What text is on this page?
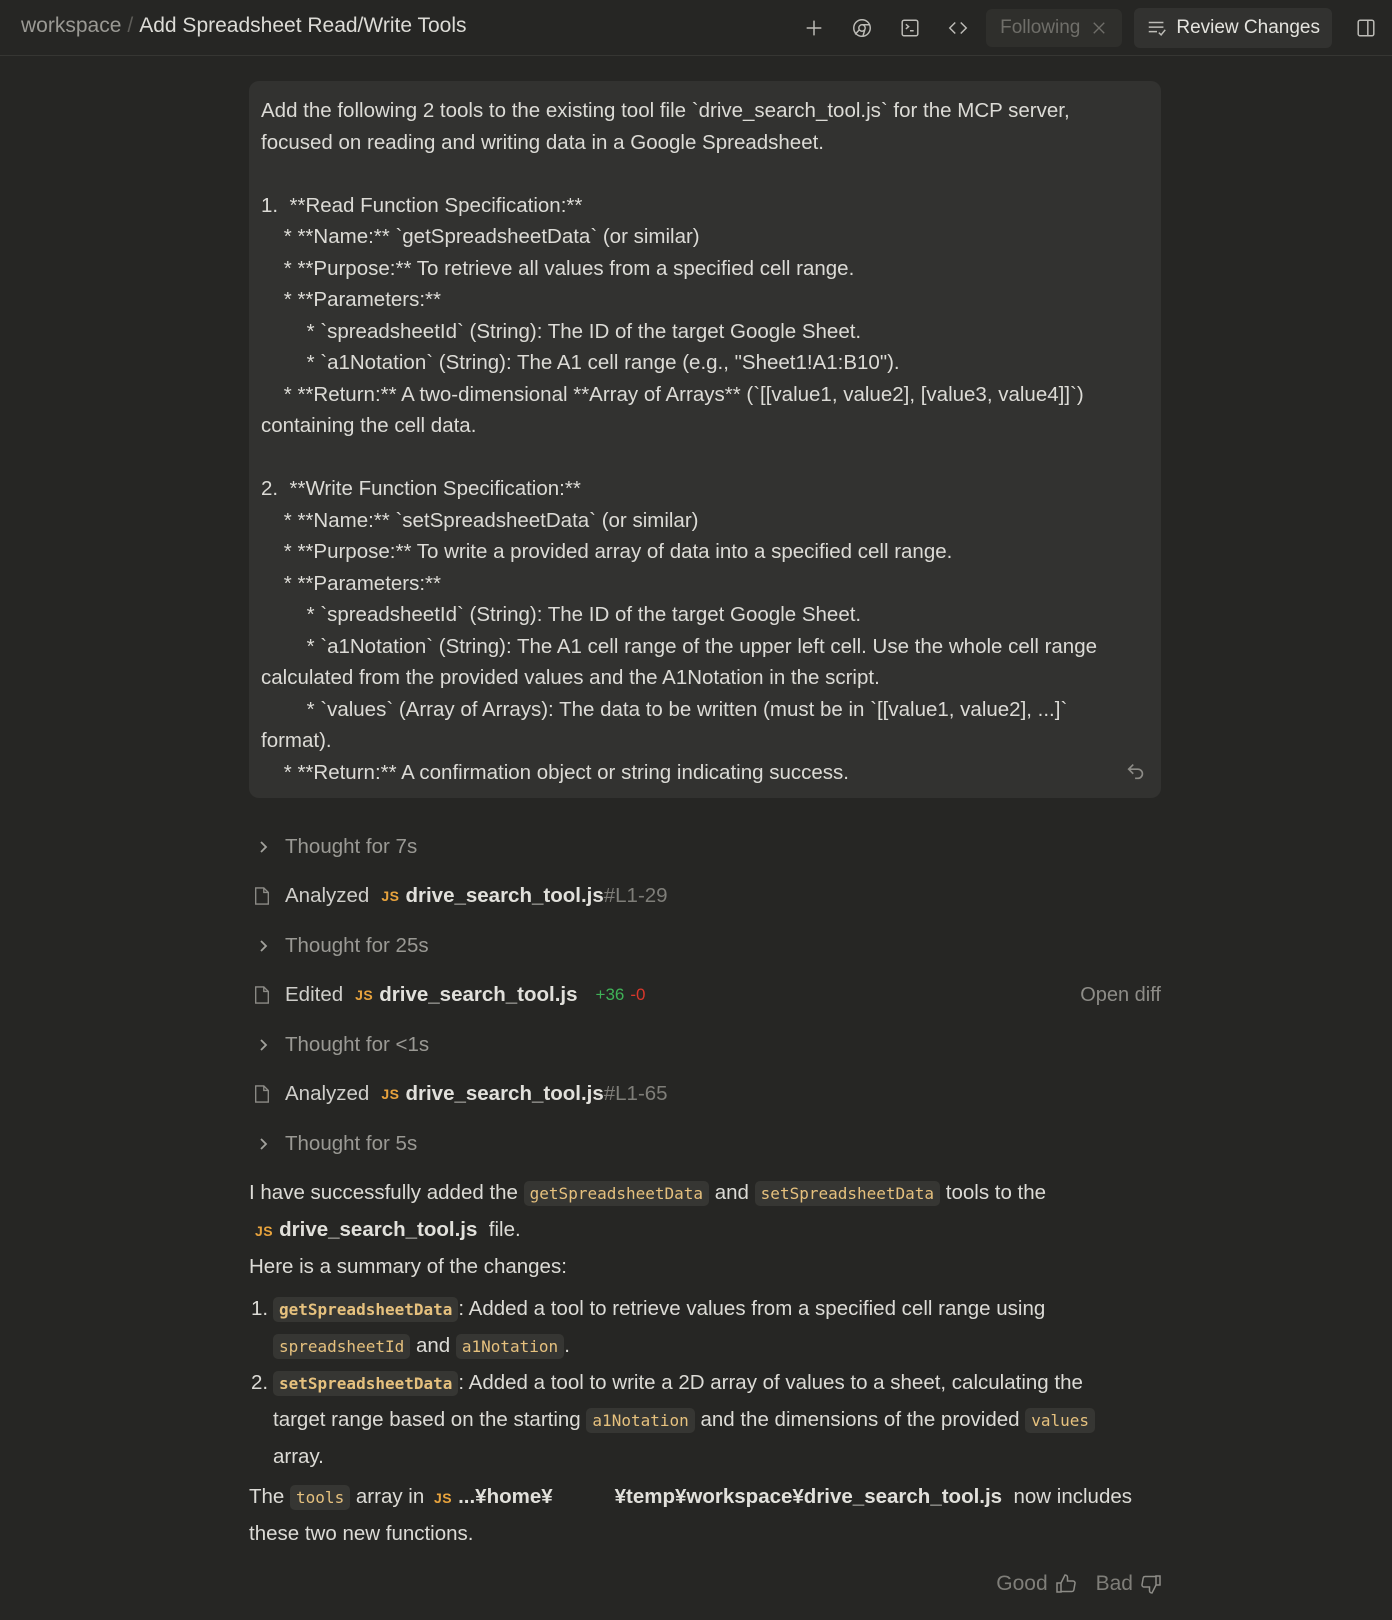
workspace / Add Spreadsheet Read/Write Tools	Following	Review Changes
Add the following 2 tools to the existing tool file `drive_search_tool.js` for the MCP server,
focused on reading and writing data in a Google Spreadsheet.

1.  **Read Function Specification:**
* **Name:** `getSpreadsheetData` (or similar)
* **Purpose:** To retrieve all values from a specified cell range.
* **Parameters:**
* `spreadsheetId` (String): The ID of the target Google Sheet.
* `a1Notation` (String): The A1 cell range (e.g., "Sheet1!A1:B10").
* **Return:** A two-dimensional **Array of Arrays** (`[[value1, value2], [value3, value4]]`)
containing the cell data.

2.  **Write Function Specification:**
* **Name:** `setSpreadsheetData` (or similar)
* **Purpose:** To write a provided array of data into a specified cell range.
* **Parameters:**
* `spreadsheetId` (String): The ID of the target Google Sheet.
* `a1Notation` (String): The A1 cell range of the upper left cell. Use the whole cell range
calculated from the provided values and the A1Notation in the script.
* `values` (Array of Arrays): The data to be written (must be in `[[value1, value2], ...]`
format).
* **Return:** A confirmation object or string indicating success.
Thought for 7s
Analyzed JS drive_search_tool.js #L1-29
Thought for 25s
Edited JS drive_search_tool.js +36 -0	Open diff
Thought for <1s
Analyzed JS drive_search_tool.js #L1-65
Thought for 5s

I have successfully added the getSpreadsheetData and setSpreadsheetData tools to the
JS drive_search_tool.js file.

Here is a summary of the changes:

1. getSpreadsheetData : Added a tool to retrieve values from a specified cell range using
spreadsheetId and a1Notation .
2. setSpreadsheetData : Added a tool to write a 2D array of values to a sheet, calculating the
target range based on the starting a1Notation and the dimensions of the provided values
array.

The tools array in JS ...¥home¥	¥temp¥workspace¥drive_search_tool.js now includes
these two new functions.

Good Bad
